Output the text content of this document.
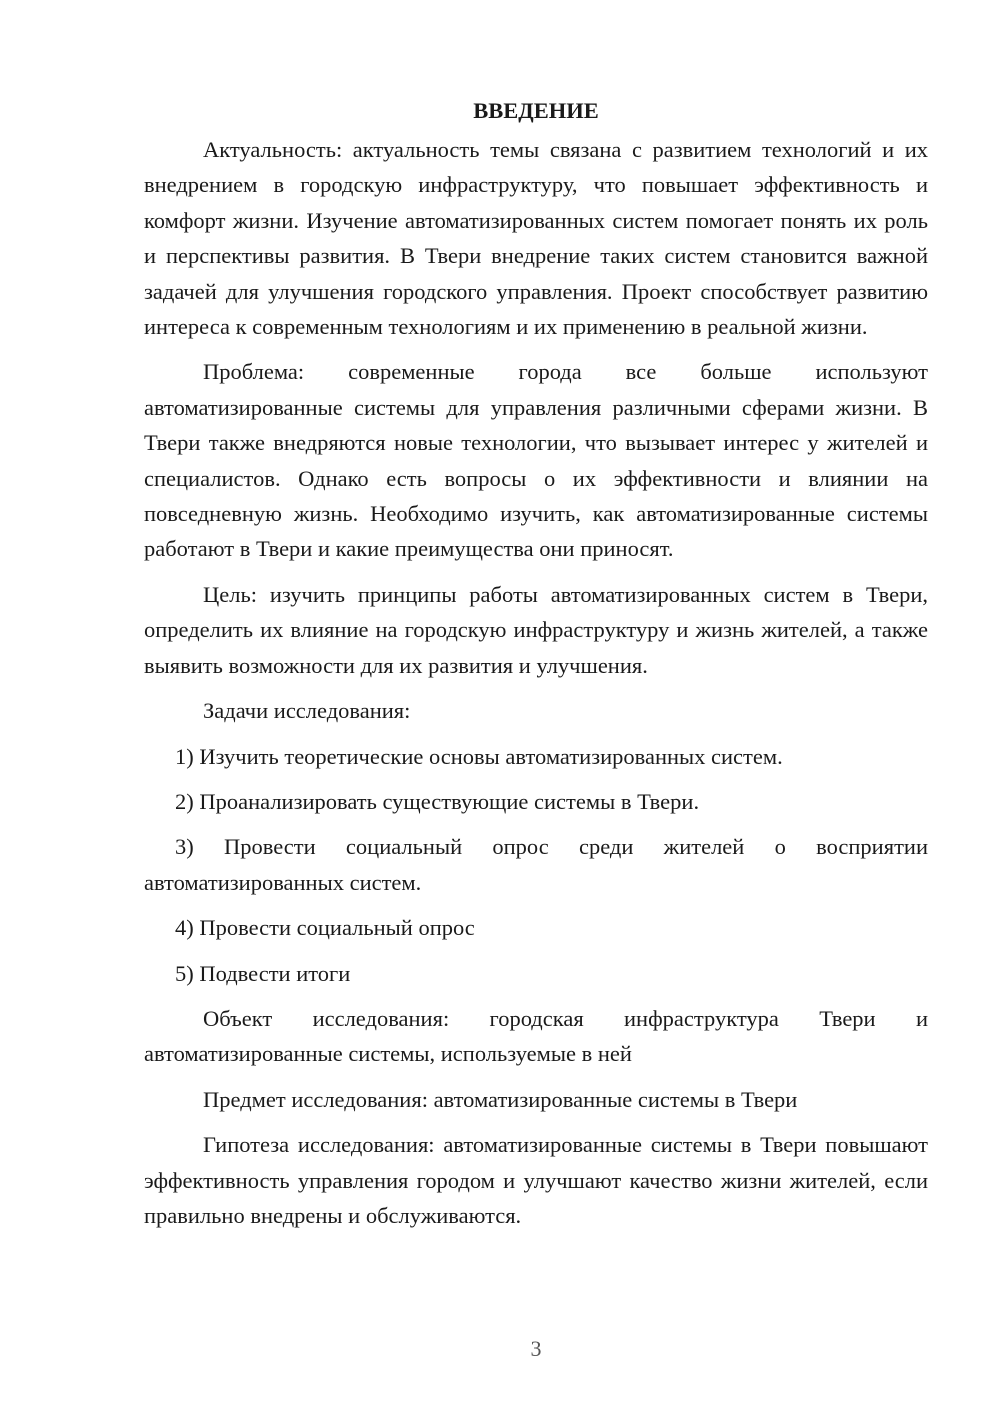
ВВЕДЕНИЕ

Актуальность: актуальность темы связана с развитием технологий и их внедрением в городскую инфраструктуру, что повышает эффективность и комфорт жизни. Изучение автоматизированных систем помогает понять их роль и перспективы развития. В Твери внедрение таких систем становится важной задачей для улучшения городского управления. Проект способствует развитию интереса к современным технологиям и их применению в реальной жизни.

Проблема: современные города все больше используют автоматизированные системы для управления различными сферами жизни. В Твери также внедряются новые технологии, что вызывает интерес у жителей и специалистов. Однако есть вопросы о их эффективности и влиянии на повседневную жизнь. Необходимо изучить, как автоматизированные системы работают в Твери и какие преимущества они приносят.

Цель: изучить принципы работы автоматизированных систем в Твери, определить их влияние на городскую инфраструктуру и жизнь жителей, а также выявить возможности для их развития и улучшения.

Задачи исследования:

1) Изучить теоретические основы автоматизированных систем.

2) Проанализировать существующие системы в Твери.

3) Провести социальный опрос среди жителей о восприятии автоматизированных систем.

4) Провести социальный опрос

5) Подвести итоги

Объект исследования: городская инфраструктура Твери и автоматизированные системы, используемые в ней

Предмет исследования: автоматизированные системы в Твери

Гипотеза исследования: автоматизированные системы в Твери повышают эффективность управления городом и улучшают качество жизни жителей, если правильно внедрены и обслуживаются.

3
